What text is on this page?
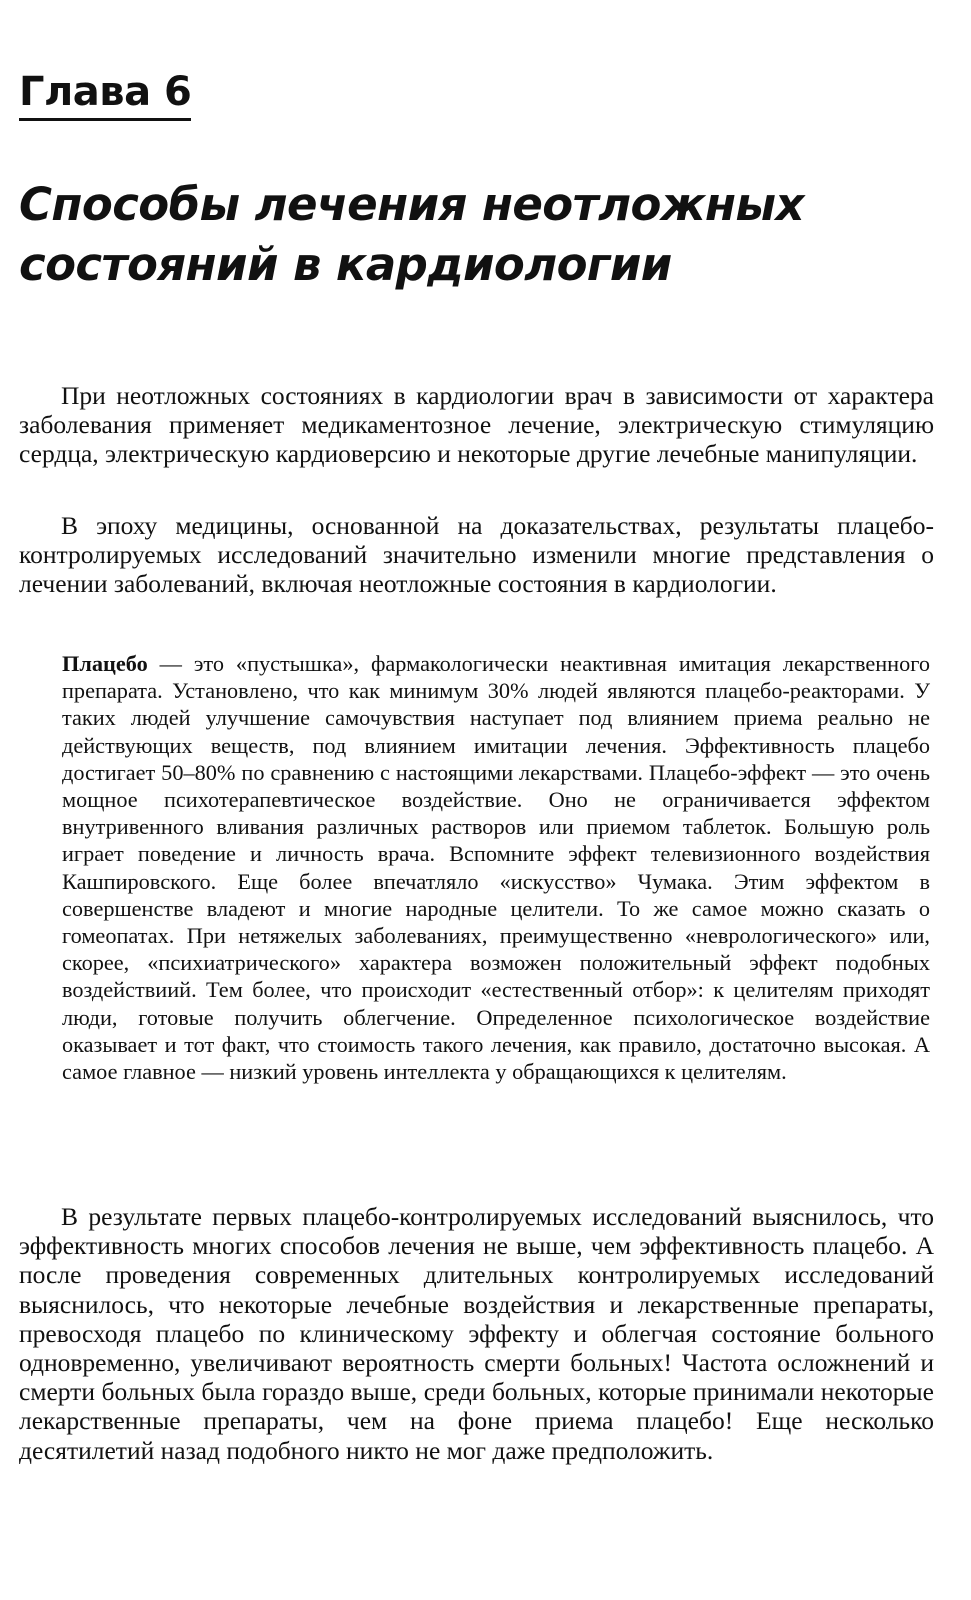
Глава 6
Способы лечения неотложных состояний в кардиологии

При неотложных состояниях в кардиологии врач в зависимости от характера заболевания применяет медикаментозное лечение, электрическую стимуляцию сердца, электрическую кардиоверсию и некоторые другие лечебные манипуляции.

В эпоху медицины, основанной на доказательствах, результаты плацебо-контролируемых исследований значительно изменили многие представления о лечении заболеваний, включая неотложные состояния в кардиологии.

Плацебо — это «пустышка», фармакологически неактивная имитация лекарственного препарата. Установлено, что как минимум 30% людей являются плацебо-реакторами. У таких людей улучшение самочувствия наступает под влиянием приема реально не действующих веществ, под влиянием имитации лечения. Эффективность плацебо достигает 50–80% по сравнению с настоящими лекарствами. Плацебо-эффект — это очень мощное психотерапевтическое воздействие. Оно не ограничивается эффектом внутривенного вливания различных растворов или приемом таблеток. Большую роль играет поведение и личность врача. Вспомните эффект телевизионного воздействия Кашпировского. Еще более впечатляло «искусство» Чумака. Этим эффектом в совершенстве владеют и многие народные целители. То же самое можно сказать о гомеопатах. При нетяжелых заболеваниях, преимущественно «неврологического» или, скорее, «психиатрического» характера возможен положительный эффект подобных воздействиий. Тем более, что происходит «естественный отбор»: к целителям приходят люди, готовые получить облегчение. Определенное психологическое воздействие оказывает и тот факт, что стоимость такого лечения, как правило, достаточно высокая. А самое главное — низкий уровень интеллекта у обращающихся к целителям.

В результате первых плацебо-контролируемых исследований выяснилось, что эффективность многих способов лечения не выше, чем эффективность плацебо. А после проведения современных длительных контролируемых исследований выяснилось, что некоторые лечебные воздействия и лекарственные препараты, превосходя плацебо по клиническому эффекту и облегчая состояние больного одновременно, увеличивают вероятность смерти больных! Частота осложнений и смерти больных была гораздо выше, среди больных, которые принимали некоторые лекарственные препараты, чем на фоне приема плацебо! Еще несколько десятилетий назад подобного никто не мог даже предположить.
